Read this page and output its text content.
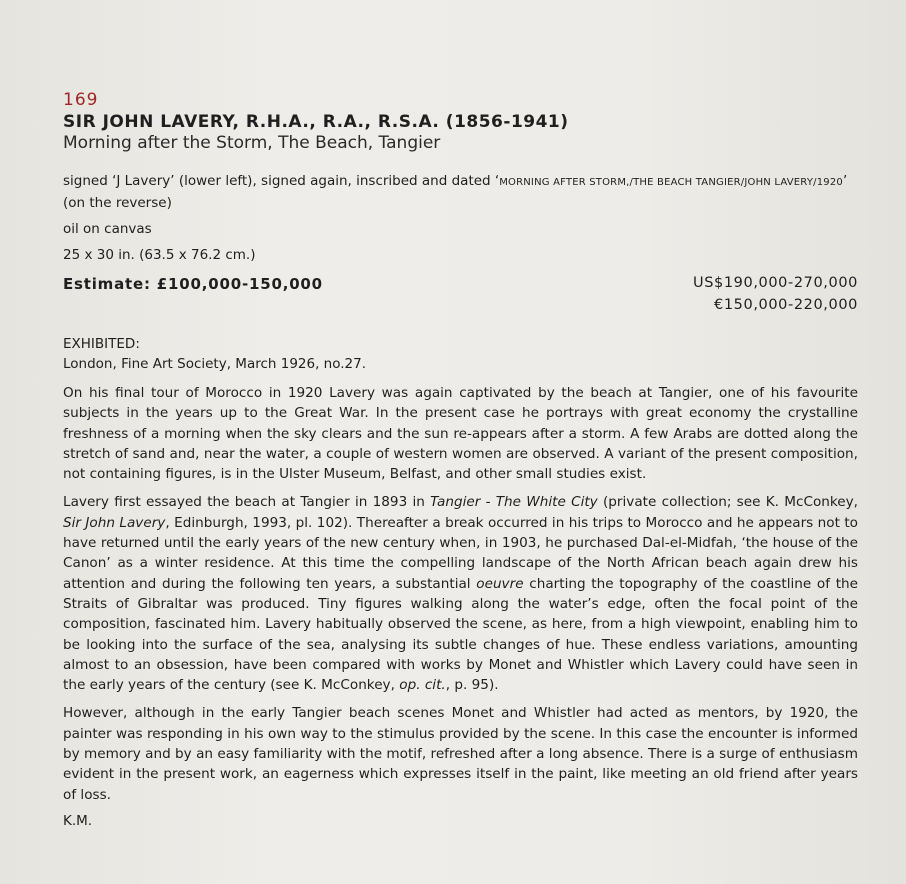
169
SIR JOHN LAVERY, R.H.A., R.A., R.S.A. (1856-1941)
Morning after the Storm, The Beach, Tangier
signed ‘J Lavery’ (lower left), signed again, inscribed and dated ‘MORNING AFTER STORM,/THE BEACH TANGIER/JOHN LAVERY/1920’
(on the reverse)
oil on canvas
25 x 30 in. (63.5 x 76.2 cm.)
Estimate: £100,000-150,000	US$190,000-270,000
€150,000-220,000
EXHIBITED:
London, Fine Art Society, March 1926, no.27.

On his final tour of Morocco in 1920 Lavery was again captivated by the beach at Tangier, one of his favourite subjects in the years up to the Great War. In the present case he portrays with great economy the crystalline freshness of a morning when the sky clears and the sun re-appears after a storm. A few Arabs are dotted along the stretch of sand and, near the water, a couple of western women are observed. A variant of the present composition, not containing figures, is in the Ulster Museum, Belfast, and other small studies exist.

Lavery first essayed the beach at Tangier in 1893 in Tangier - The White City (private collection; see K. McConkey, Sir John Lavery, Edinburgh, 1993, pl. 102). Thereafter a break occurred in his trips to Morocco and he appears not to have returned until the early years of the new century when, in 1903, he purchased Dal-el-Midfah, ‘the house of the Canon’ as a winter residence. At this time the compelling landscape of the North African beach again drew his attention and during the following ten years, a substantial oeuvre charting the topography of the coastline of the Straits of Gibraltar was produced. Tiny figures walking along the water’s edge, often the focal point of the composition, fascinated him. Lavery habitually observed the scene, as here, from a high viewpoint, enabling him to be looking into the surface of the sea, analysing its subtle changes of hue. These endless variations, amounting almost to an obsession, have been compared with works by Monet and Whistler which Lavery could have seen in the early years of the century (see K. McConkey, op. cit., p. 95).

However, although in the early Tangier beach scenes Monet and Whistler had acted as mentors, by 1920, the painter was responding in his own way to the stimulus provided by the scene. In this case the encounter is informed by memory and by an easy familiarity with the motif, refreshed after a long absence. There is a surge of enthusiasm evident in the present work, an eagerness which expresses itself in the paint, like meeting an old friend after years of loss.

K.M.
